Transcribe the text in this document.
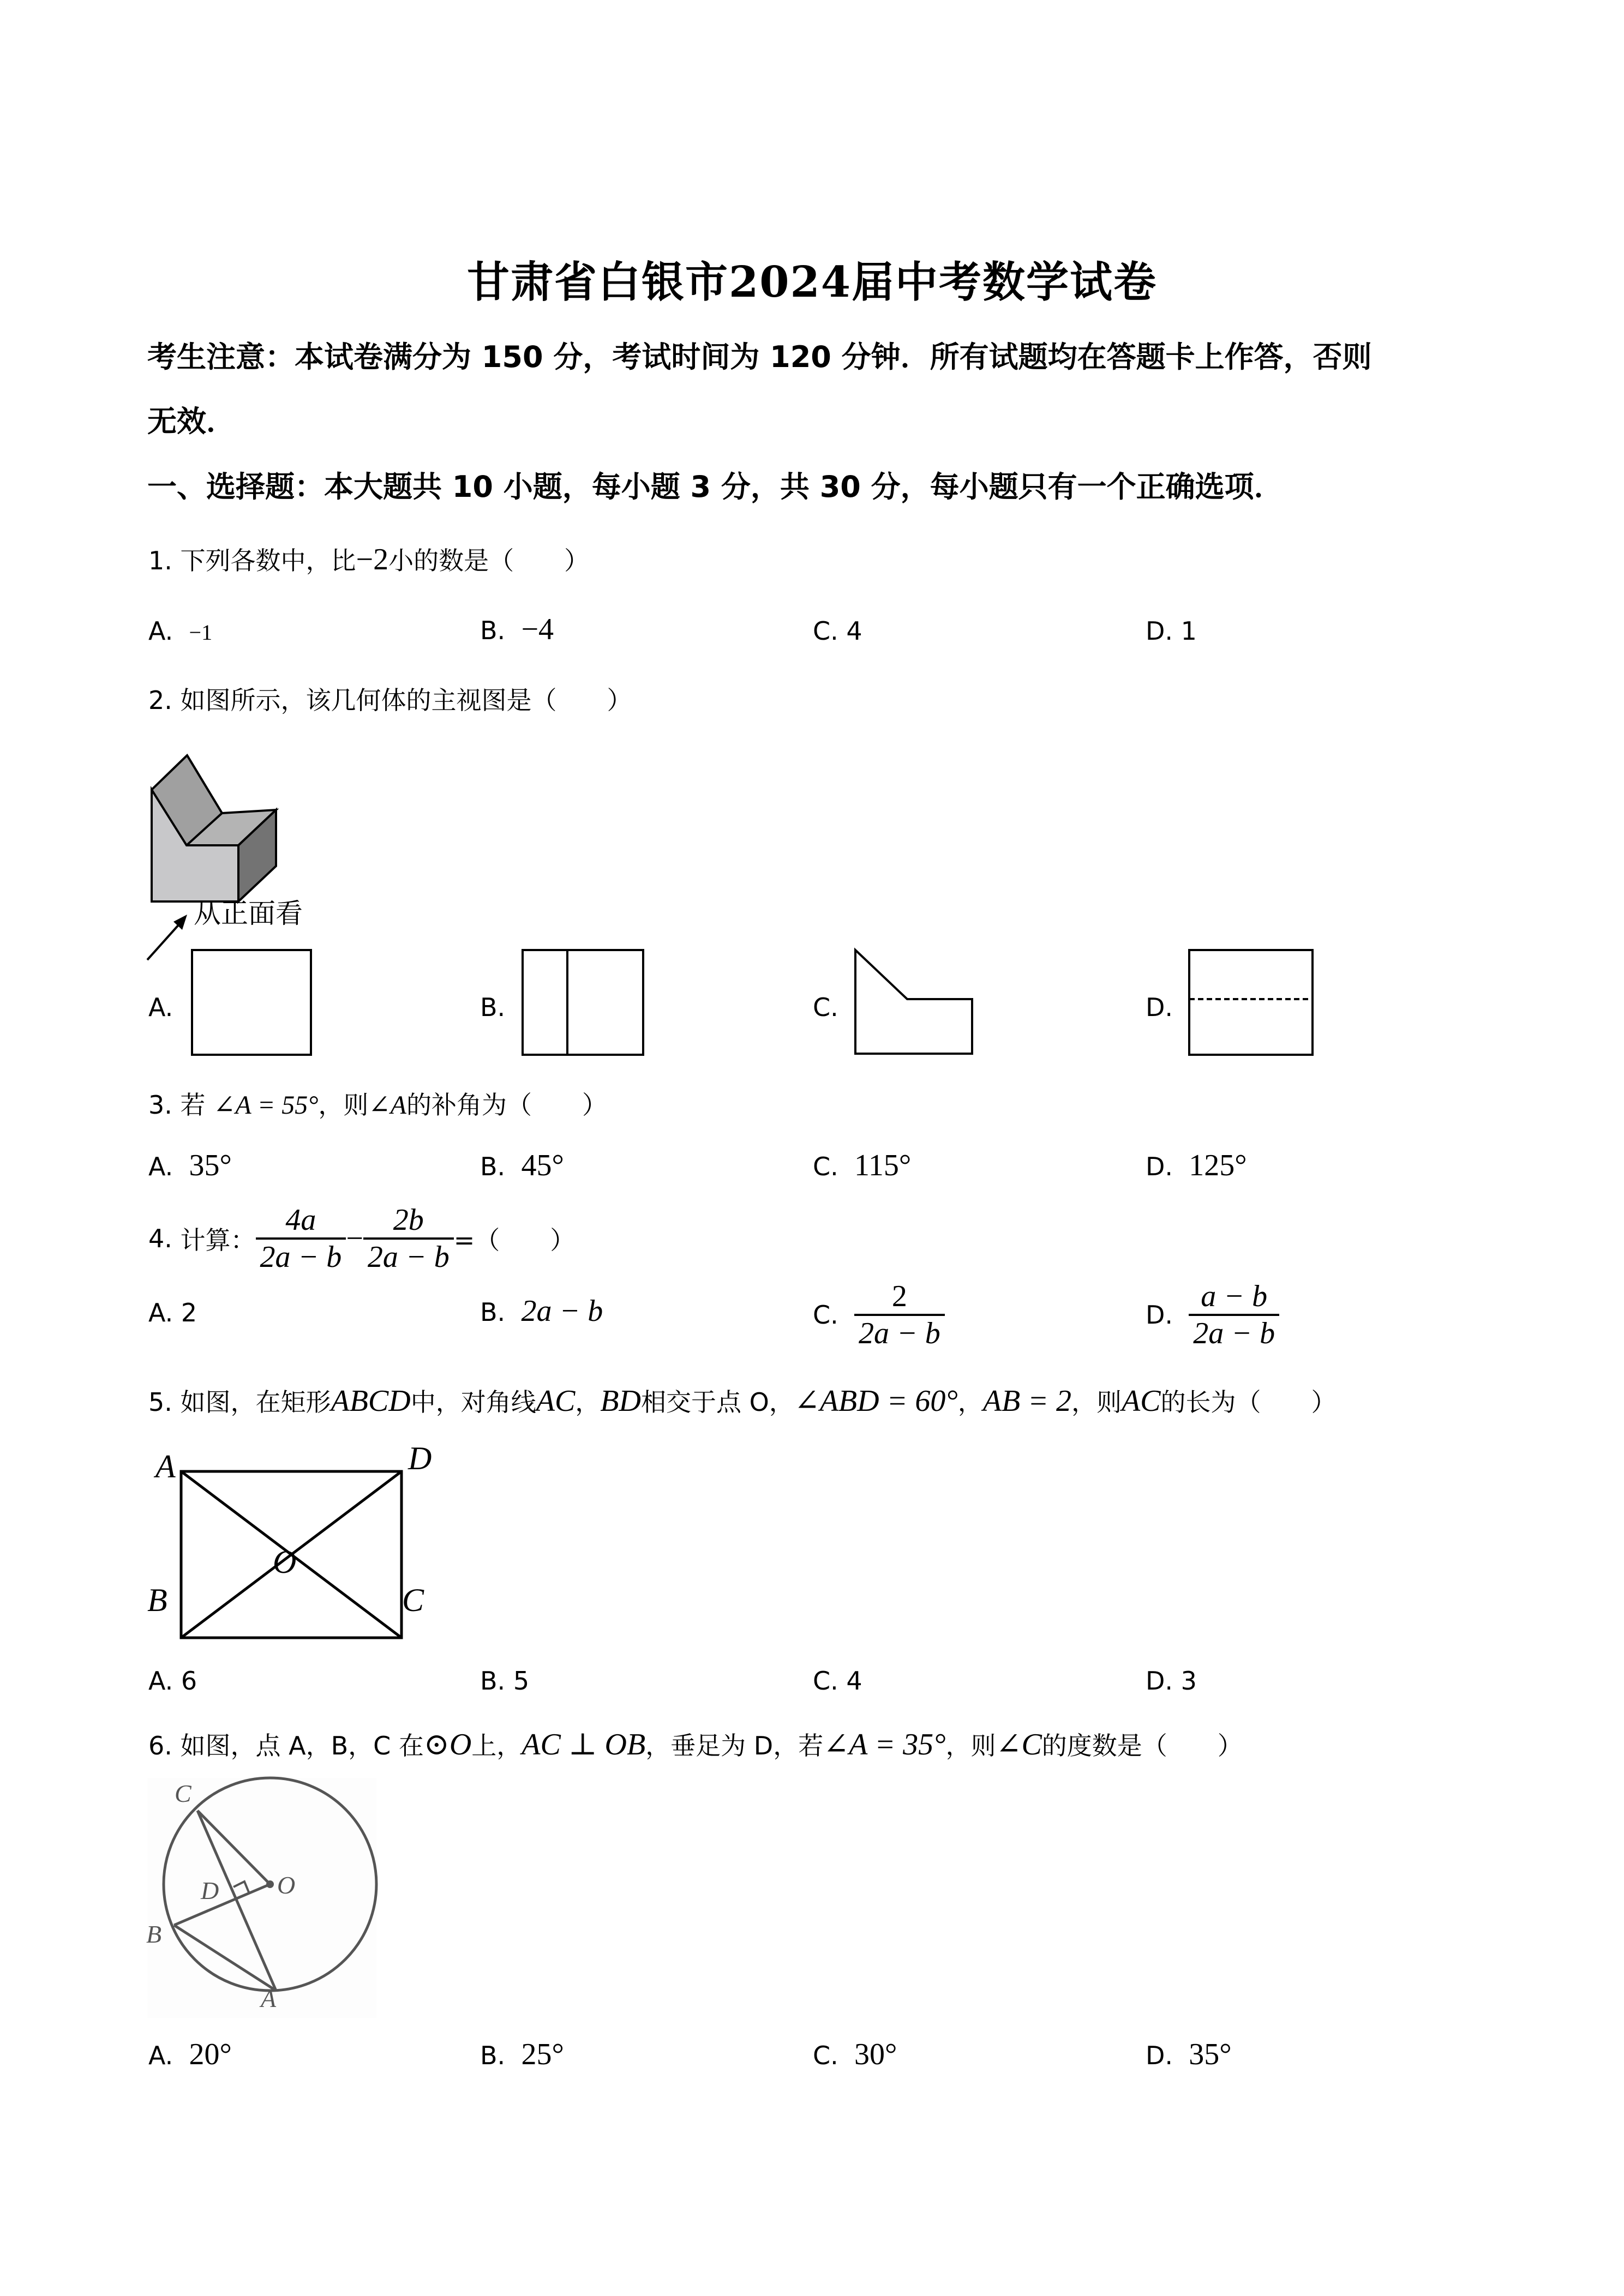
甘肃省白银市2024届中考数学试卷
考生注意：本试卷满分为 150 分，考试时间为 120 分钟．所有试题均在答题卡上作答，否则
无效．
一、选择题：本大题共 10 小题，每小题 3 分，共 30 分，每小题只有一个正确选项．
1. 下列各数中，比−2小的数是（　　）
A. −1	B. −4	C. 4	D. 1
2. 如图所示，该几何体的主视图是（　　）
从正面看
A.	B.	C.	D.
3. 若 ∠A = 55°，则∠A的补角为（　　）
A. 35°	B. 45°	C. 115°	D. 125°
4.
计算： $\frac{4a}{2a - b} - \frac{2b}{2a - b}$ =（　　）
A. 2	B. 2a − b	C.
$\frac{2}{2a - b}$	D.
$\frac{a - b}{2a - b}$
5. 如图，在矩形ABCD中，对角线AC，BD相交于点 O，∠ABD = 60°，AB = 2，则AC的长为（　　）
A	D
B	C
O
A. 6	B. 5	C. 4	D. 3
6. 如图，点 A，B，C 在⊙O上，AC ⊥ OB，垂足为 D，若∠A = 35°，则∠C的度数是（　　）
C
D O
B
A
A. 20°	B. 25°	C. 30°	D. 35°
